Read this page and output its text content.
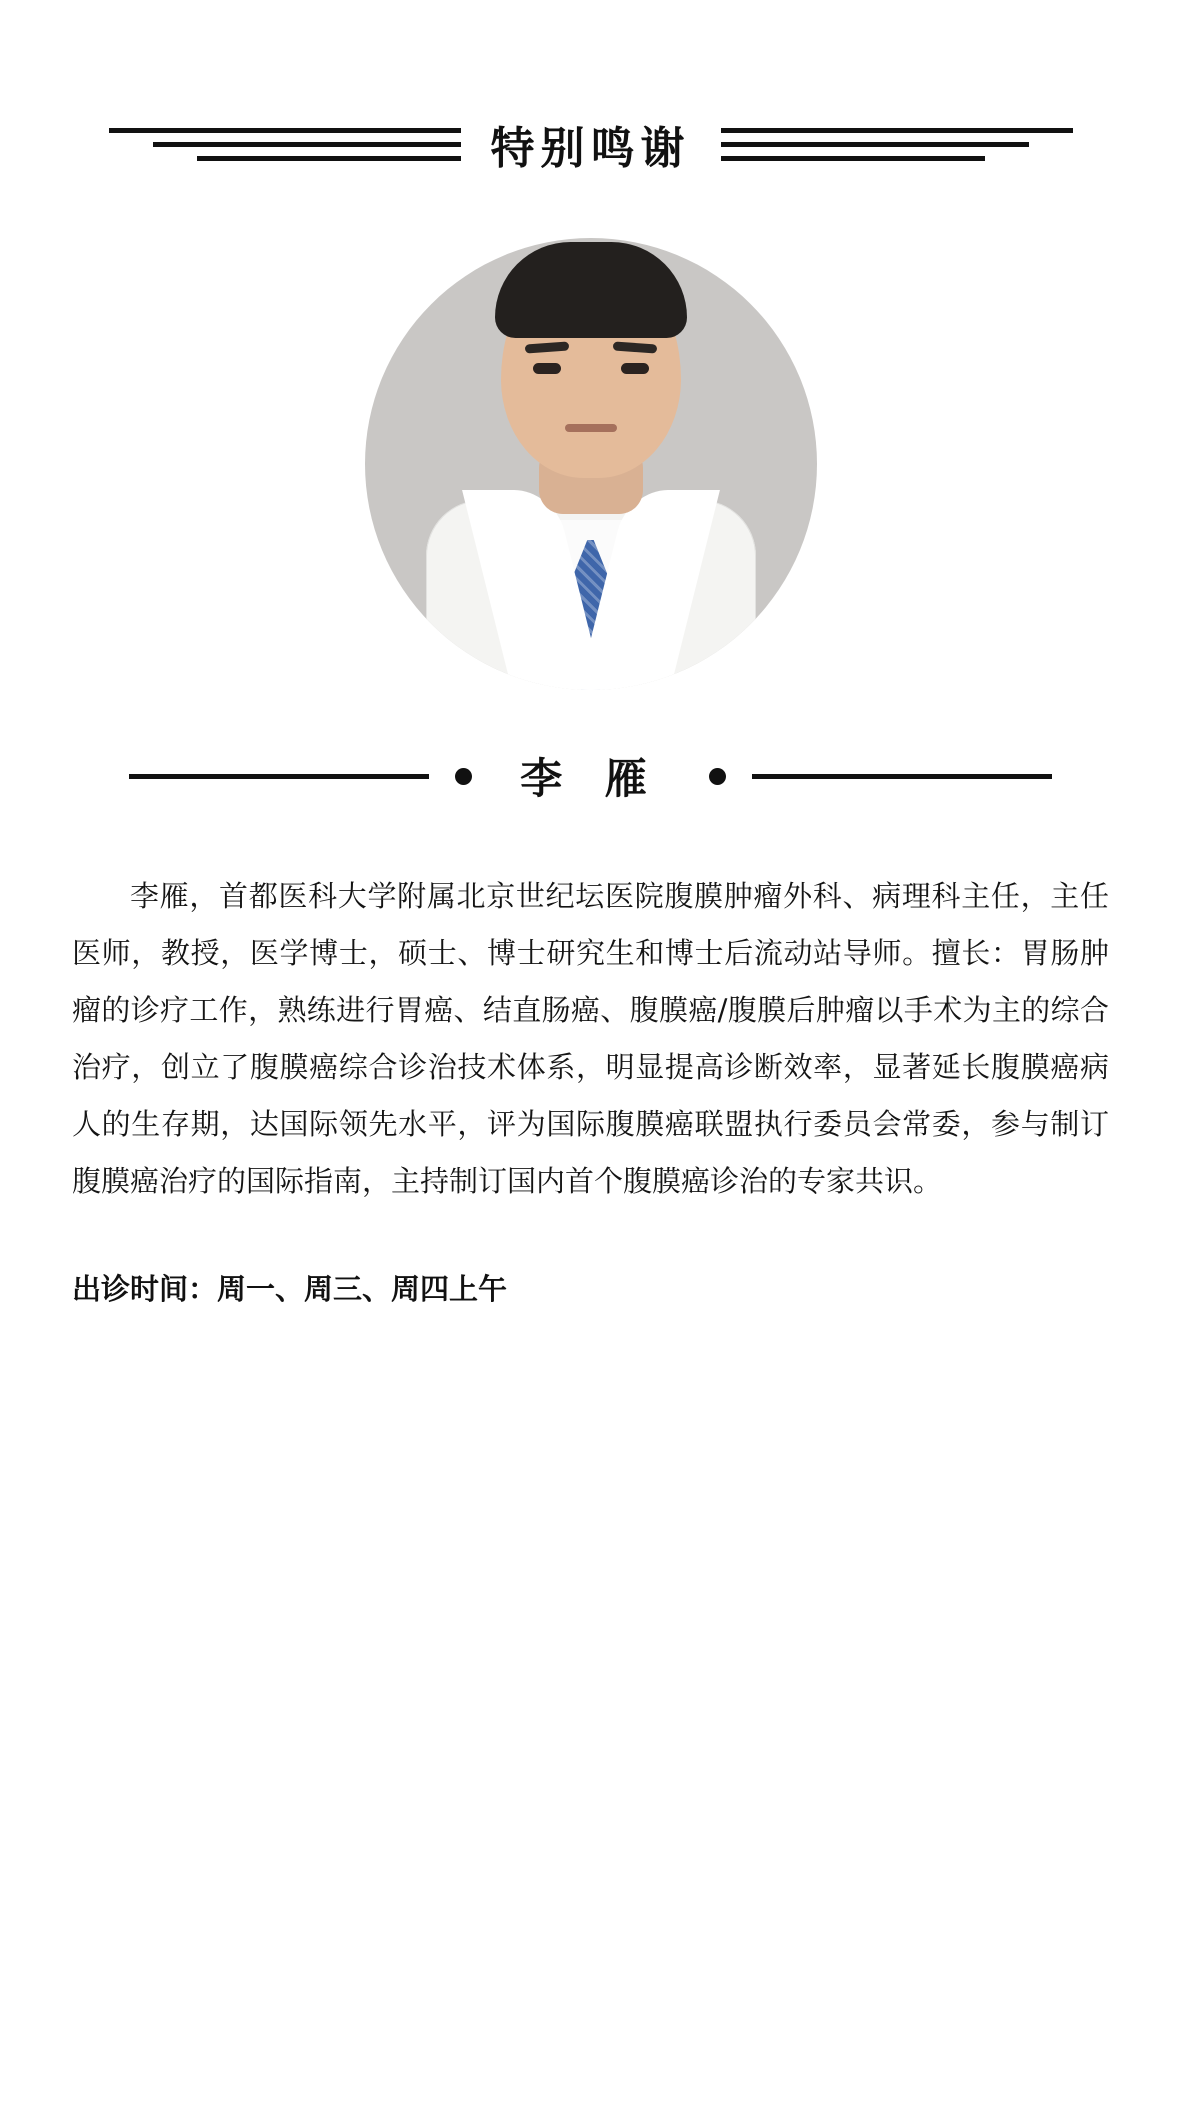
特别鸣谢
李 雁
李雁，首都医科大学附属北京世纪坛医院腹膜肿瘤外科、病理科主任，主任医师，教授，医学博士，硕士、博士研究生和博士后流动站导师。擅长：胃肠肿瘤的诊疗工作，熟练进行胃癌、结直肠癌、腹膜癌/腹膜后肿瘤以手术为主的综合治疗，创立了腹膜癌综合诊治技术体系，明显提高诊断效率，显著延长腹膜癌病人的生存期，达国际领先水平，评为国际腹膜癌联盟执行委员会常委，参与制订腹膜癌治疗的国际指南，主持制订国内首个腹膜癌诊治的专家共识。
出诊时间：周一、周三、周四上午
